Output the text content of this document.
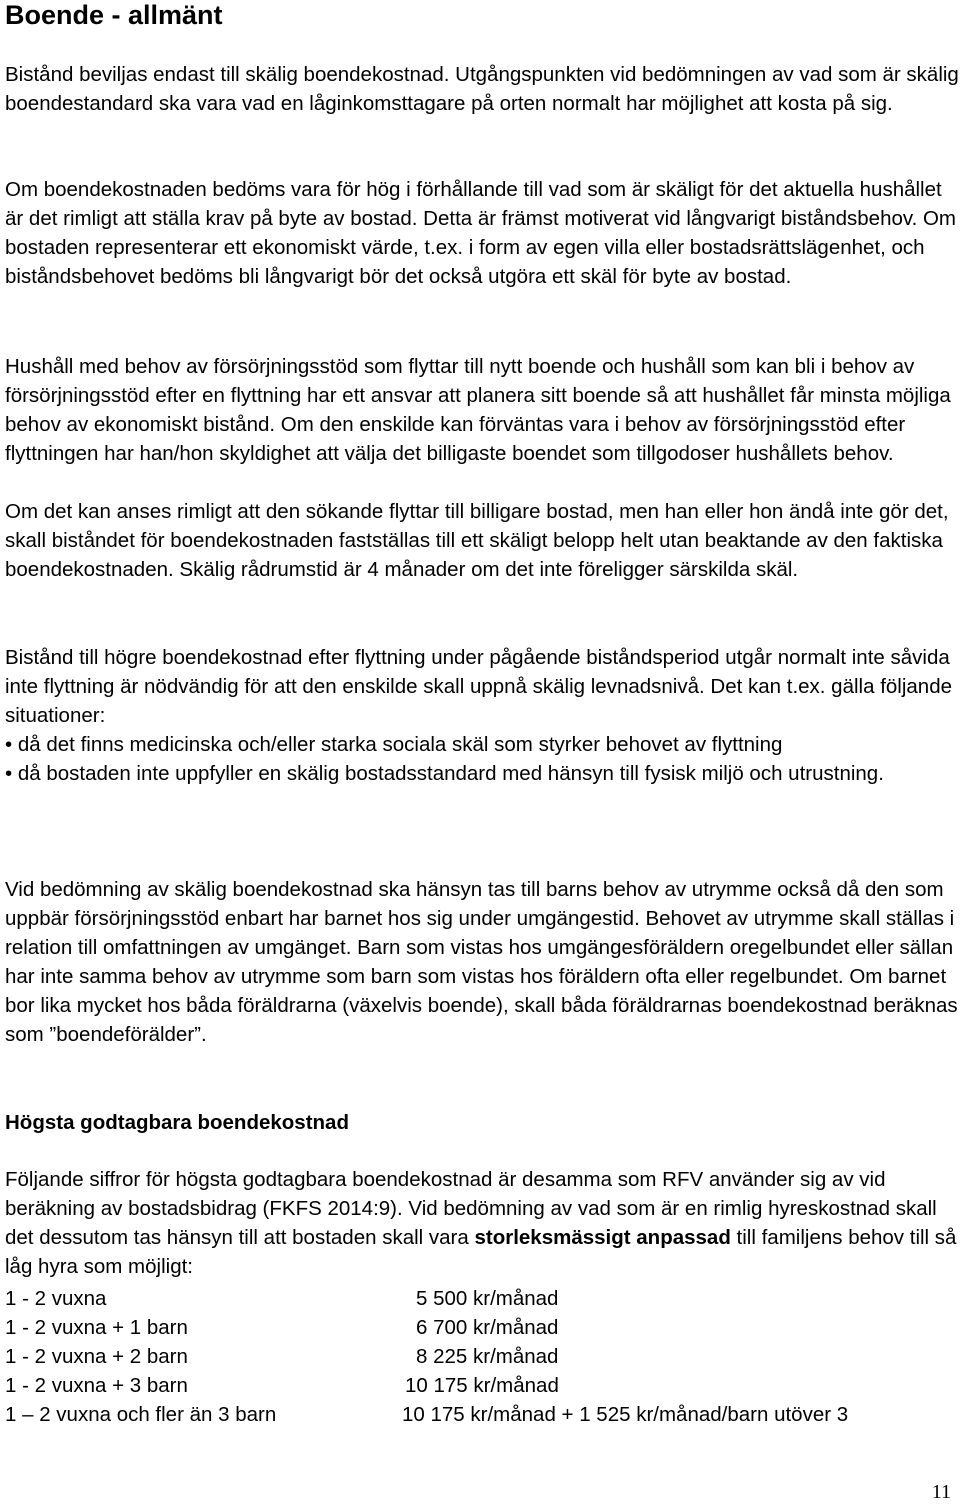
Boende - allmänt

Bistånd beviljas endast till skälig boendekostnad. Utgångspunkten vid bedömningen av vad som är skälig boendestandard ska vara vad en låginkomsttagare på orten normalt har möjlighet att kosta på sig.

Om boendekostnaden bedöms vara för hög i förhållande till vad som är skäligt för det aktuella hushållet är det rimligt att ställa krav på byte av bostad. Detta är främst motiverat vid långvarigt biståndsbehov. Om bostaden representerar ett ekonomiskt värde, t.ex. i form av egen villa eller bostadsrättslägenhet, och biståndsbehovet bedöms bli långvarigt bör det också utgöra ett skäl för byte av bostad.

Hushåll med behov av försörjningsstöd som flyttar till nytt boende och hushåll som kan bli i behov av försörjningsstöd efter en flyttning har ett ansvar att planera sitt boende så att hushållet får minsta möjliga behov av ekonomiskt bistånd. Om den enskilde kan förväntas vara i behov av försörjningsstöd efter flyttningen har han/hon skyldighet att välja det billigaste boendet som tillgodoser hushållets behov.

Om det kan anses rimligt att den sökande flyttar till billigare bostad, men han eller hon ändå inte gör det, skall biståndet för boendekostnaden fastställas till ett skäligt belopp helt utan beaktande av den faktiska boendekostnaden. Skälig rådrumstid är 4 månader om det inte föreligger särskilda skäl.

Bistånd till högre boendekostnad efter flyttning under pågående biståndsperiod utgår normalt inte såvida inte flyttning är nödvändig för att den enskilde skall uppnå skälig levnadsnivå. Det kan t.ex. gälla följande situationer:
• då det finns medicinska och/eller starka sociala skäl som styrker behovet av flyttning
• då bostaden inte uppfyller en skälig bostadsstandard med hänsyn till fysisk miljö och utrustning.

Vid bedömning av skälig boendekostnad ska hänsyn tas till barns behov av utrymme också då den som uppbär försörjningsstöd enbart har barnet hos sig under umgängestid. Behovet av utrymme skall ställas i relation till omfattningen av umgänget. Barn som vistas hos umgängesföräldern oregelbundet eller sällan har inte samma behov av utrymme som barn som vistas hos föräldern ofta eller regelbundet. Om barnet bor lika mycket hos båda föräldrarna (växelvis boende), skall båda föräldrarnas boendekostnad beräknas som ”boendeförälder”.

Högsta godtagbara boendekostnad

Följande siffror för högsta godtagbara boendekostnad är desamma som RFV använder sig av vid beräkning av bostadsbidrag (FKFS 2014:9). Vid bedömning av vad som är en rimlig hyreskostnad skall det dessutom tas hänsyn till att bostaden skall vara storleksmässigt anpassad till familjens behov till så låg hyra som möjligt:

1 - 2 vuxna	5 500 kr/månad
1 - 2 vuxna + 1 barn	6 700 kr/månad
1 - 2 vuxna + 2 barn	8 225 kr/månad
1 - 2 vuxna + 3 barn	10 175 kr/månad
1 – 2 vuxna och fler än 3 barn	10 175 kr/månad + 1 525 kr/månad/barn utöver 3
11
